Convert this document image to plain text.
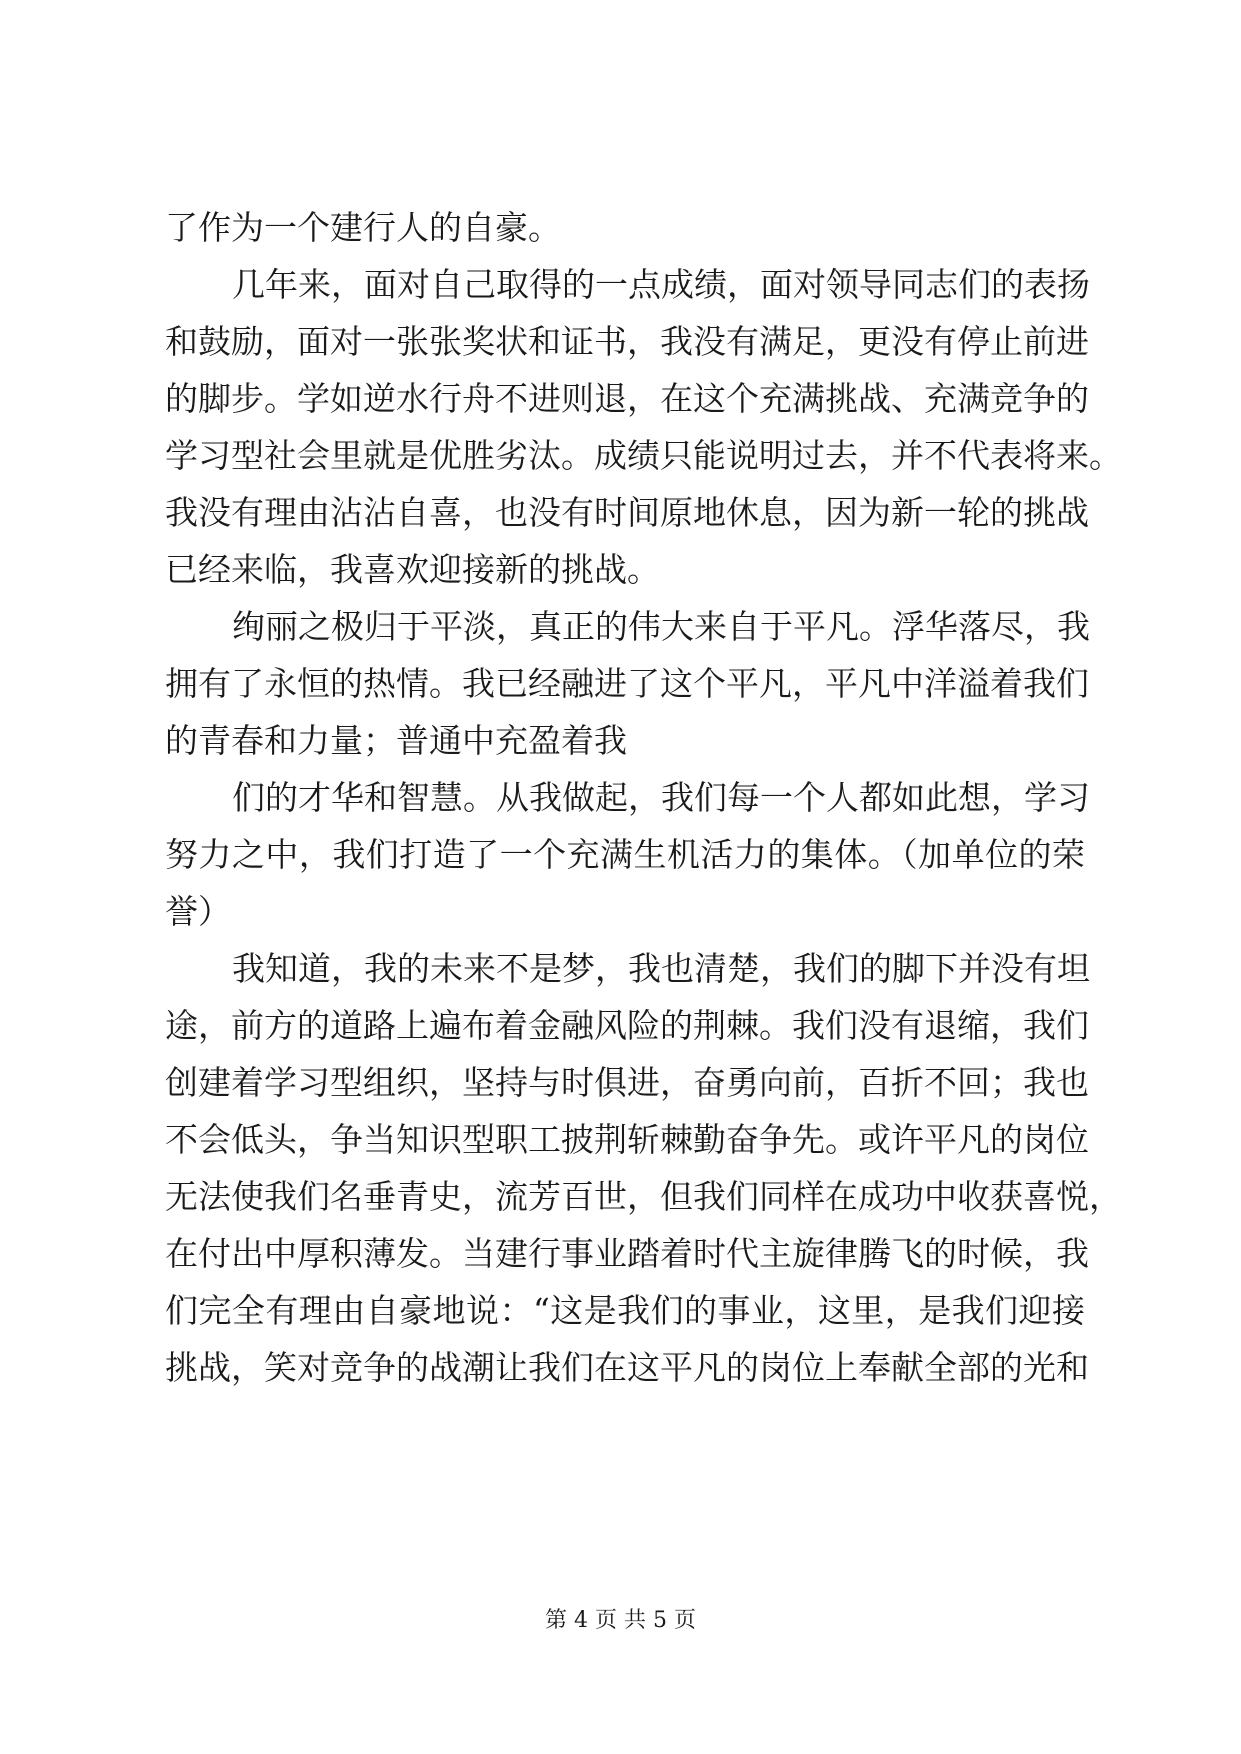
了作为一个建行人的自豪。
几年来，面对自己取得的一点成绩，面对领导同志们的表扬
和鼓励，面对一张张奖状和证书，我没有满足，更没有停止前进
的脚步。学如逆水行舟不进则退，在这个充满挑战、充满竞争的
学习型社会里就是优胜劣汰。成绩只能说明过去，并不代表将来。
我没有理由沾沾自喜，也没有时间原地休息，因为新一轮的挑战
已经来临，我喜欢迎接新的挑战。
绚丽之极归于平淡，真正的伟大来自于平凡。浮华落尽，我
拥有了永恒的热情。我已经融进了这个平凡，平凡中洋溢着我们
的青春和力量；普通中充盈着我
们的才华和智慧。从我做起，我们每一个人都如此想，学习
努力之中，我们打造了一个充满生机活力的集体。（加单位的荣
誉）
我知道，我的未来不是梦，我也清楚，我们的脚下并没有坦
途，前方的道路上遍布着金融风险的荆棘。我们没有退缩，我们
创建着学习型组织，坚持与时俱进，奋勇向前，百折不回；我也
不会低头，争当知识型职工披荆斩棘勤奋争先。或许平凡的岗位
无法使我们名垂青史，流芳百世，但我们同样在成功中收获喜悦，
在付出中厚积薄发。当建行事业踏着时代主旋律腾飞的时候，我
们完全有理由自豪地说：“这是我们的事业，这里，是我们迎接
挑战，笑对竞争的战潮让我们在这平凡的岗位上奉献全部的光和
第 4 页 共 5 页
